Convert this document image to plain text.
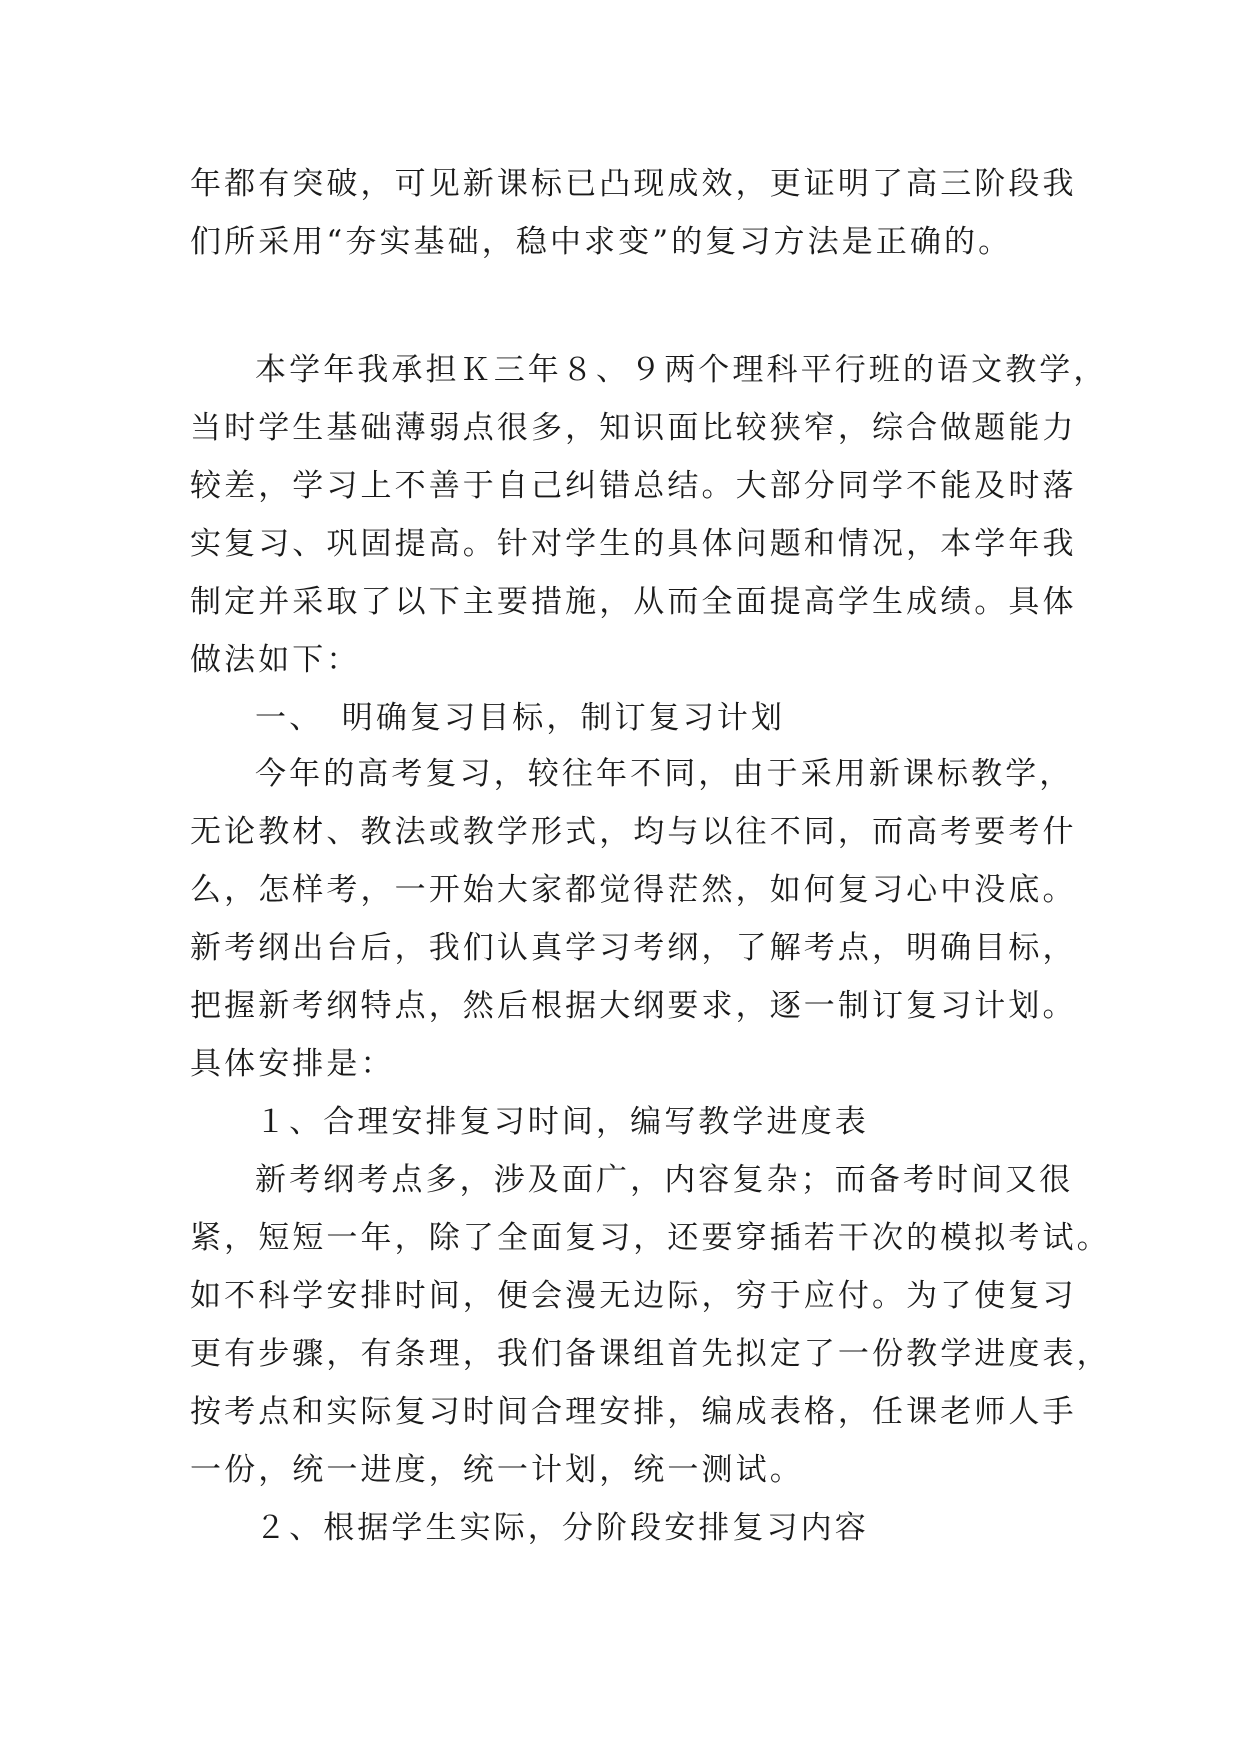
年都有突破，可见新课标已凸现成效，更证明了高三阶段我
们所采用“夯实基础，稳中求变”的复习方法是正确的。
本学年我承担Ｋ三年８、９两个理科平行班的语文教学，
当时学生基础薄弱点很多，知识面比较狭窄，综合做题能力
较差，学习上不善于自己纠错总结。大部分同学不能及时落
实复习、巩固提高。针对学生的具体问题和情况，本学年我
制定并采取了以下主要措施，从而全面提高学生成绩。具体
做法如下：
一、　明确复习目标，制订复习计划
今年的高考复习，较往年不同，由于采用新课标教学，
无论教材、教法或教学形式，均与以往不同，而高考要考什
么，怎样考，一开始大家都觉得茫然，如何复习心中没底。
新考纲出台后，我们认真学习考纲，了解考点，明确目标，
把握新考纲特点，然后根据大纲要求，逐一制订复习计划。
具体安排是：
１、合理安排复习时间，编写教学进度表
新考纲考点多，涉及面广，内容复杂；而备考时间又很
紧，短短一年，除了全面复习，还要穿插若干次的模拟考试。
如不科学安排时间，便会漫无边际，穷于应付。为了使复习
更有步骤，有条理，我们备课组首先拟定了一份教学进度表，
按考点和实际复习时间合理安排，编成表格，任课老师人手
一份，统一进度，统一计划，统一测试。
２、根据学生实际，分阶段安排复习内容
